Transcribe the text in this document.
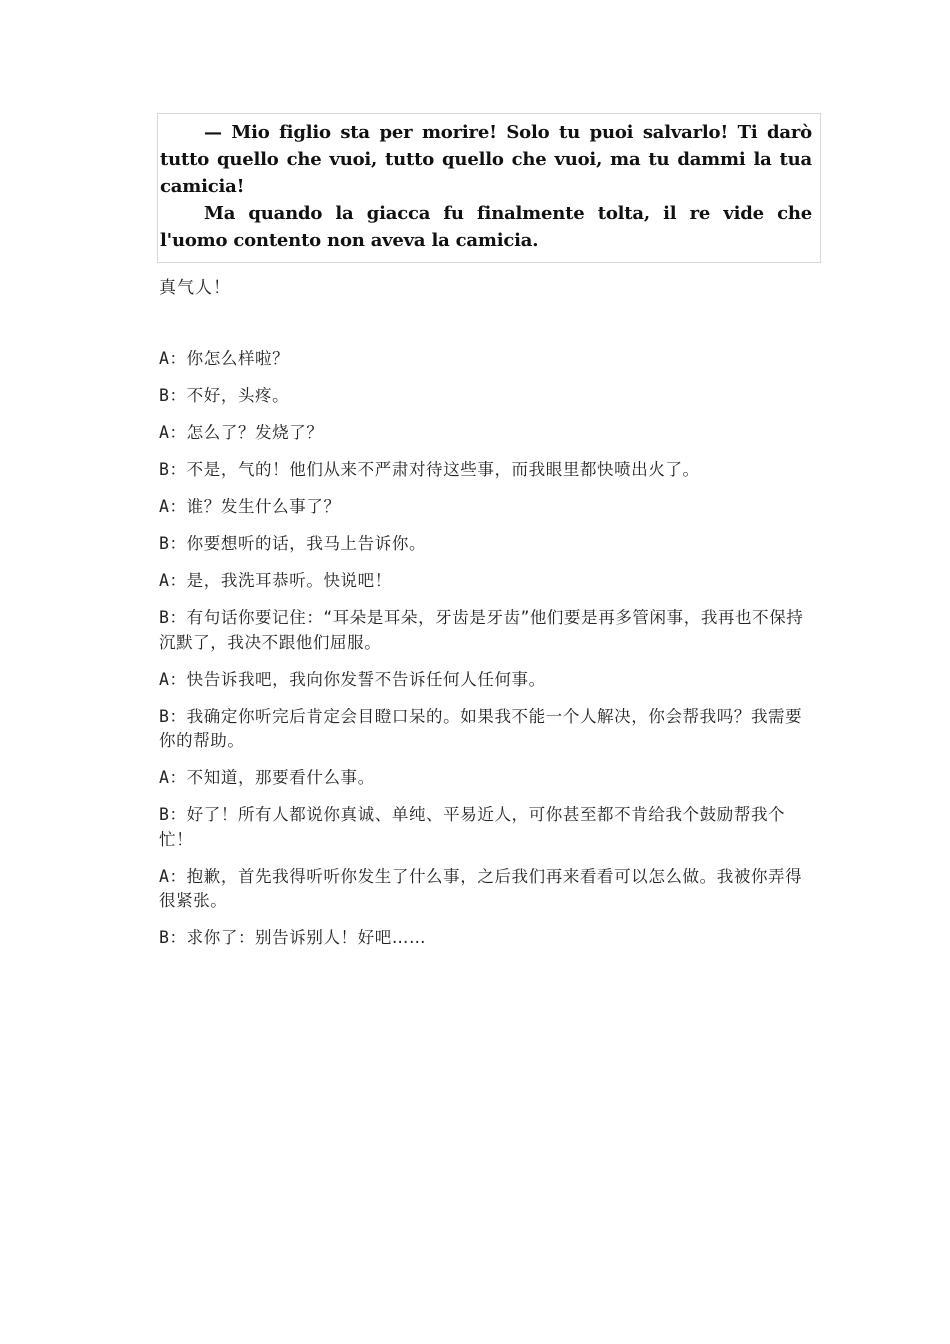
— Mio figlio sta per morire! Solo tu puoi salvarlo! Ti darò tutto quello che vuoi, tutto quello che vuoi, ma tu dammi la tua camicia!

Ma quando la giacca fu finalmente tolta, il re vide che l'uomo contento non aveva la camicia.

真气人！
A：你怎么样啦？
B：不好，头疼。
A：怎么了？发烧了？
B：不是，气的！他们从来不严肃对待这些事，而我眼里都快喷出火了。
A：谁？发生什么事了？
B：你要想听的话，我马上告诉你。
A：是，我洗耳恭听。快说吧！
B：有句话你要记住：“耳朵是耳朵，牙齿是牙齿”他们要是再多管闲事，我再也不保持沉默了，我决不跟他们屈服。
A：快告诉我吧，我向你发誓不告诉任何人任何事。
B：我确定你听完后肯定会目瞪口呆的。如果我不能一个人解决，你会帮我吗？我需要你的帮助。
A：不知道，那要看什么事。
B：好了！所有人都说你真诚、单纯、平易近人，可你甚至都不肯给我个鼓励帮我个忙！
A：抱歉，首先我得听听你发生了什么事，之后我们再来看看可以怎么做。我被你弄得很紧张。
B：求你了：别告诉别人！好吧……
